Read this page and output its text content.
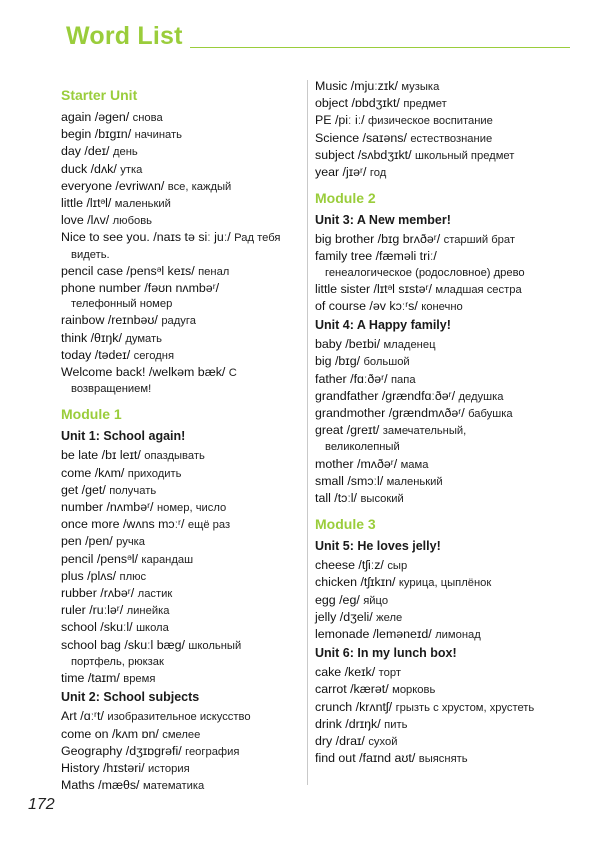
Word List
Starter Unit
again /əgen/ снова
begin /bɪgɪn/ начинать
day /deɪ/ день
duck /dʌk/ утка
everyone /evriwʌn/ все, каждый
little /lɪtᵊl/ маленький
love /lʌv/ любовь
Nice to see you. /naɪs tə siː juː/ Рад тебя
видеть.
pencil case /pensᵊl keɪs/ пенал
phone number /fəʊn nʌmbəʳ/
телефонный номер
rainbow /reɪnbəʊ/ радуга
think /θɪŋk/ думать
today /tədeɪ/ сегодня
Welcome back! /welkəm bæk/ С
возвращением!
Module 1
Unit 1: School again!
be late /bɪ leɪt/ опаздывать
come /kʌm/ приходить
get /get/ получать
number /nʌmbəʳ/ номер, число
once more /wʌns mɔːʳ/ ещё раз
pen /pen/ ручка
pencil /pensᵊl/ карандаш
plus /plʌs/ плюс
rubber /rʌbəʳ/ ластик
ruler /ruːləʳ/ линейка
school /skuːl/ школа
school bag /skuːl bæg/ школьный
портфель, рюкзак
time /taɪm/ время
Unit 2: School subjects
Art /ɑːʳt/ изобразительное искусство
come on /kʌm ɒn/ смелее
Geography /dʒɪɒgrəfi/ география
History /hɪstəri/ история
Maths /mæθs/ математика
Music /mjuːzɪk/ музыка
object /ɒbdʒɪkt/ предмет
PE /piː iː/ физическое воспитание
Science /saɪəns/ естествознание
subject /sʌbdʒɪkt/ школьный предмет
year /jɪəʳ/ год
Module 2
Unit 3: A New member!
big brother /bɪg brʌðəʳ/ старший брат
family tree /fæməli triː/
генеалогическое (родословное) древо
little sister /lɪtᵊl sɪstəʳ/ младшая сестра
of course /əv kɔːʳs/ конечно
Unit 4: A Happy family!
baby /beɪbi/ младенец
big /bɪg/ большой
father /fɑːðəʳ/ папа
grandfather /grændfɑːðəʳ/ дедушка
grandmother /grændmʌðəʳ/ бабушка
great /greɪt/ замечательный,
великолепный
mother /mʌðəʳ/ мама
small /smɔːl/ маленький
tall /tɔːl/ высокий
Module 3
Unit 5: He loves jelly!
cheese /tʃiːz/ сыр
chicken /tʃɪkɪn/ курица, цыплёнок
egg /eg/ яйцо
jelly /dʒeli/ желе
lemonade /leməneɪd/ лимонад
Unit 6: In my lunch box!
cake /keɪk/ торт
carrot /kærət/ морковь
crunch /krʌntʃ/ грызть с хрустом, хрустеть
drink /drɪŋk/ пить
dry /draɪ/ сухой
find out /faɪnd aʊt/ выяснять
172
